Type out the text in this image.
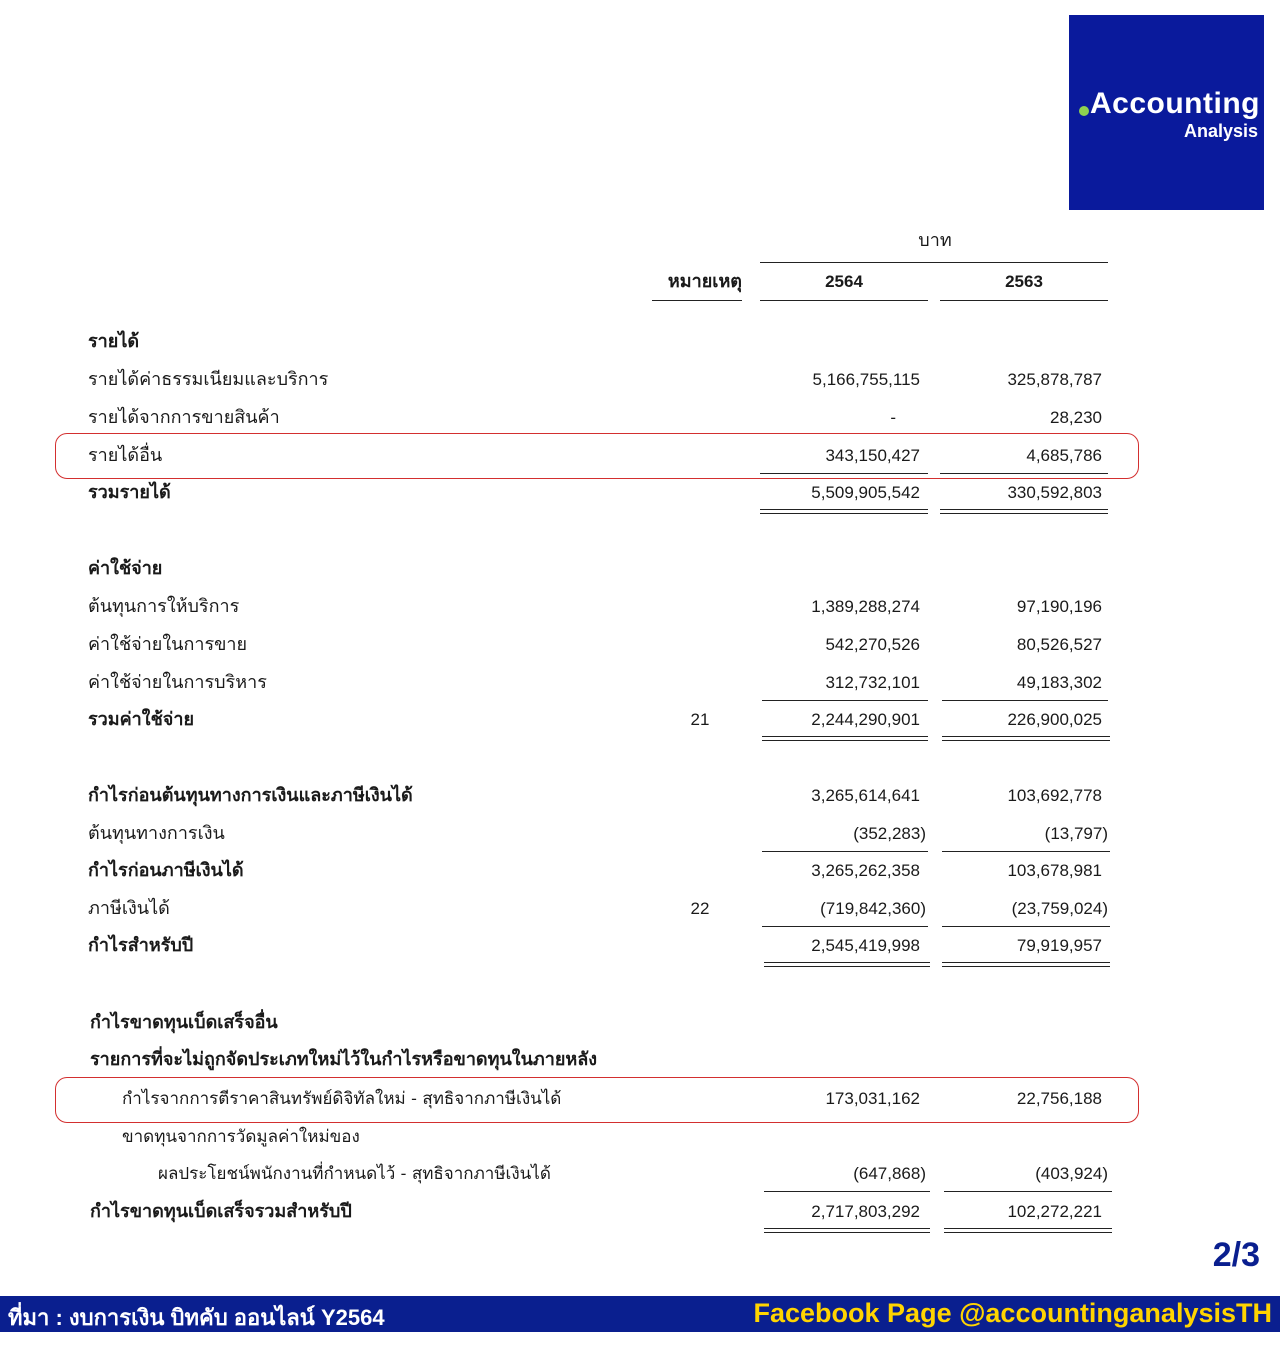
Accounting
Analysis
บาท
หมายเหตุ	2564	2563
รายได้
รายได้ค่าธรรมเนียมและบริการ	5,166,755,115	325,878,787
รายได้จากการขายสินค้า	-	28,230
รายได้อื่น	343,150,427	4,685,786
รวมรายได้	5,509,905,542	330,592,803
ค่าใช้จ่าย
ต้นทุนการให้บริการ	1,389,288,274	97,190,196
ค่าใช้จ่ายในการขาย	542,270,526	80,526,527
ค่าใช้จ่ายในการบริหาร	312,732,101	49,183,302
รวมค่าใช้จ่าย	21	2,244,290,901	226,900,025
กำไรก่อนต้นทุนทางการเงินและภาษีเงินได้	3,265,614,641	103,692,778
ต้นทุนทางการเงิน	(352,283)	(13,797)
กำไรก่อนภาษีเงินได้	3,265,262,358	103,678,981
ภาษีเงินได้	22	(719,842,360)	(23,759,024)
กำไรสำหรับปี	2,545,419,998	79,919,957
กำไรขาดทุนเบ็ดเสร็จอื่น
รายการที่จะไม่ถูกจัดประเภทใหม่ไว้ในกำไรหรือขาดทุนในภายหลัง
กำไรจากการตีราคาสินทรัพย์ดิจิทัลใหม่ - สุทธิจากภาษีเงินได้	173,031,162	22,756,188
ขาดทุนจากการวัดมูลค่าใหม่ของ
ผลประโยชน์พนักงานที่กำหนดไว้ - สุทธิจากภาษีเงินได้	(647,868)	(403,924)
กำไรขาดทุนเบ็ดเสร็จรวมสำหรับปี	2,717,803,292	102,272,221
2/3
ที่มา : งบการเงิน บิทคับ ออนไลน์ Y2564	Facebook Page @accountinganalysisTH
